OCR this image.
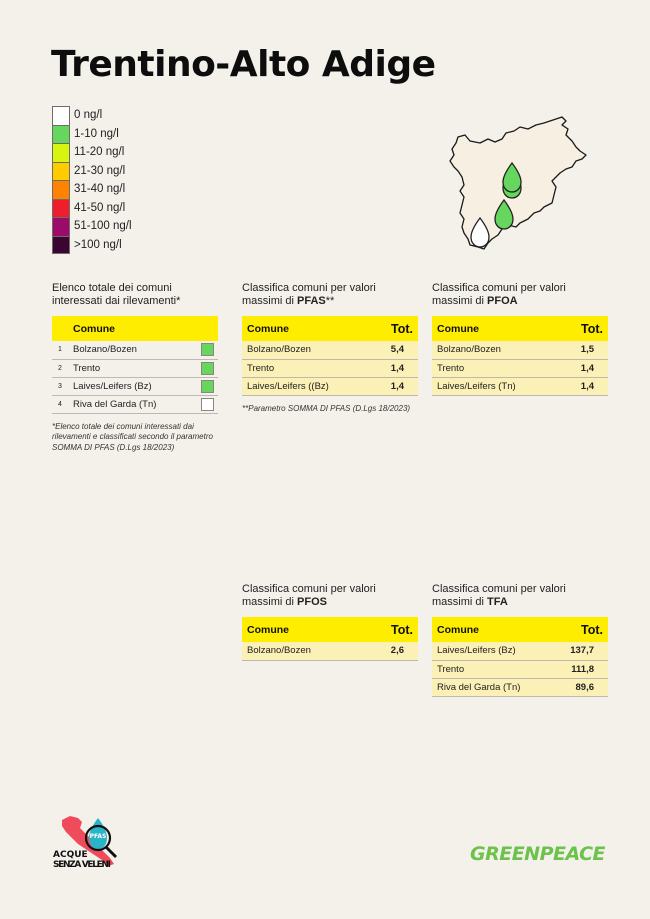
Trentino-Alto Adige
0 ng/l
1-10 ng/l
11-20 ng/l
21-30 ng/l
31-40 ng/l
41-50 ng/l
51-100 ng/l
>100 ng/l
Elenco totale dei comuni interessati dai rilevamenti*
	Comune	
1	Bolzano/Bozen	
2	Trento	
3	Laives/Leifers (Bz)	
4	Riva del Garda (Tn)	
*Elenco totale dei comuni interessati dai rilevamenti e classificati secondo il parametro SOMMA DI PFAS (D.Lgs 18/2023)
Classifica comuni per valori massimi di PFAS**
Comune	Tot.
Bolzano/Bozen	5,4
Trento	1,4
Laives/Leifers ((Bz)	1,4
**Parametro SOMMA DI PFAS (D.Lgs 18/2023)
Classifica comuni per valori massimi di PFOA
Comune	Tot.
Bolzano/Bozen	1,5
Trento	1,4
Laives/Leifers (Tn)	1,4
Classifica comuni per valori massimi di PFOS
Comune	Tot.
Bolzano/Bozen	2,6
Classifica comuni per valori massimi di TFA
Comune	Tot.
Laives/Leifers (Bz)	137,7
Trento	111,8
Riva del Garda (Tn)	89,6
PFAS
ACQUE
SENZA VELENI	GREENPEACE
